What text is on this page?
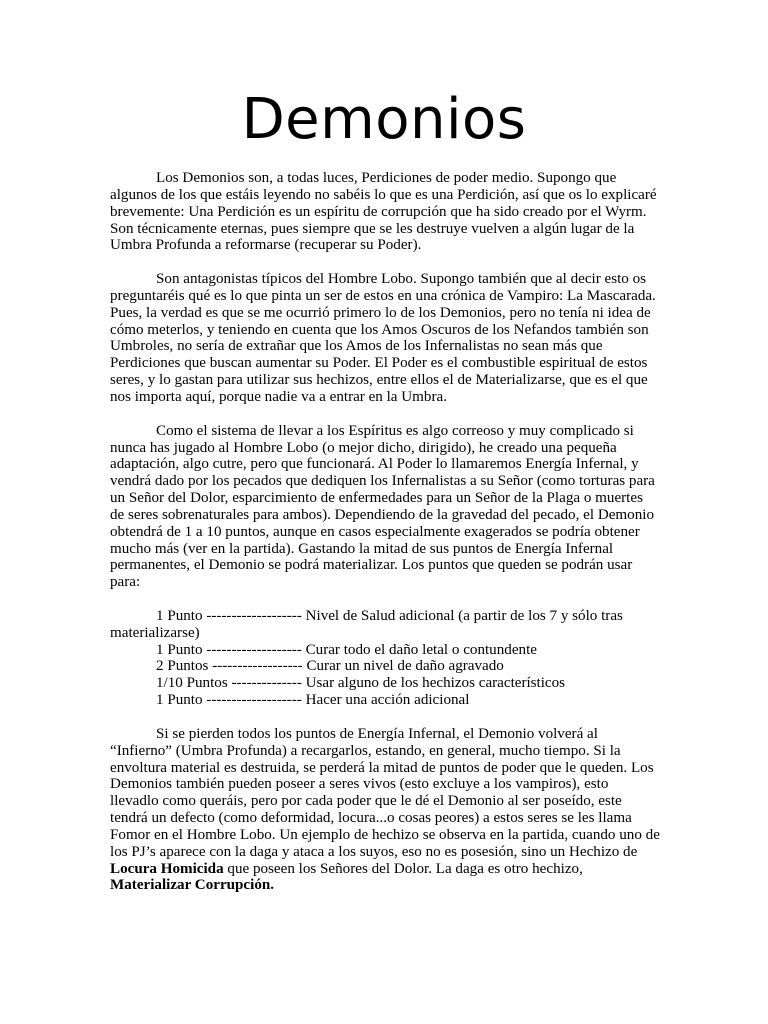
Demonios

Los Demonios son, a todas luces, Perdiciones de poder medio. Supongo que algunos de los que estáis leyendo no sabéis lo que es una Perdición, así que os lo explicaré brevemente: Una Perdición es un espíritu de corrupción que ha sido creado por el Wyrm. Son técnicamente eternas, pues siempre que se les destruye vuelven a algún lugar de la Umbra Profunda a reformarse (recuperar su Poder).

Son antagonistas típicos del Hombre Lobo. Supongo también que al decir esto os preguntaréis qué es lo que pinta un ser de estos en una crónica de Vampiro: La Mascarada. Pues, la verdad es que se me ocurrió primero lo de los Demonios, pero no tenía ni idea de cómo meterlos, y teniendo en cuenta que los Amos Oscuros de los Nefandos también son Umbroles, no sería de extrañar que los Amos de los Infernalistas no sean más que Perdiciones que buscan aumentar su Poder. El Poder es el combustible espiritual de estos seres, y lo gastan para utilizar sus hechizos, entre ellos el de Materializarse, que es el que nos importa aquí, porque nadie va a entrar en la Umbra.

Como el sistema de llevar a los Espíritus es algo correoso y muy complicado si nunca has jugado al Hombre Lobo (o mejor dicho, dirigido), he creado una pequeña adaptación, algo cutre, pero que funcionará. Al Poder lo llamaremos Energía Infernal, y vendrá dado por los pecados que dediquen los Infernalistas a su Señor (como torturas para un Señor del Dolor, esparcimiento de enfermedades para un Señor de la Plaga o muertes de seres sobrenaturales para ambos). Dependiendo de la gravedad del pecado, el Demonio obtendrá de 1 a 10 puntos, aunque en casos especialmente exagerados se podría obtener mucho más (ver en la partida). Gastando la mitad de sus puntos de Energía Infernal permanentes, el Demonio se podrá materializar. Los puntos que queden se podrán usar para:

1 Punto ------------------- Nivel de Salud adicional (a partir de los 7 y sólo tras materializarse)
1 Punto ------------------- Curar todo el daño letal o contundente
2 Puntos ------------------ Curar un nivel de daño agravado
1/10 Puntos -------------- Usar alguno de los hechizos característicos
1 Punto ------------------- Hacer una acción adicional

Si se pierden todos los puntos de Energía Infernal, el Demonio volverá al “Infierno” (Umbra Profunda) a recargarlos, estando, en general, mucho tiempo. Si la envoltura material es destruida, se perderá la mitad de puntos de poder que le queden. Los Demonios también pueden poseer a seres vivos (esto excluye a los vampiros), esto llevadlo como queráis, pero por cada poder que le dé el Demonio al ser poseído, este tendrá un defecto (como deformidad, locura...o cosas peores) a estos seres se les llama Fomor en el Hombre Lobo. Un ejemplo de hechizo se observa en la partida, cuando uno de los PJ’s aparece con la daga y ataca a los suyos, eso no es posesión, sino un Hechizo de Locura Homicida que poseen los Señores del Dolor. La daga es otro hechizo, Materializar Corrupción.
